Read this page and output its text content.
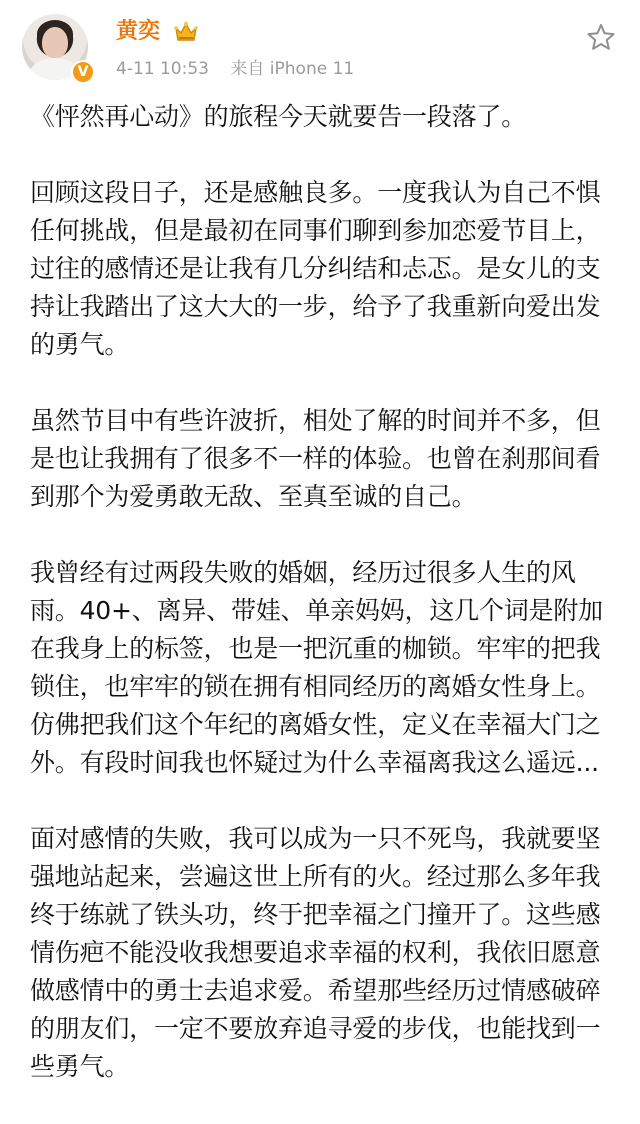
V
黄奕
4-11 10:53 来自 iPhone 11

《怦然再心动》的旅程今天就要告一段落了。

回顾这段日子，还是感触良多。一度我认为自己不惧任何挑战，但是最初在同事们聊到参加恋爱节目上，过往的感情还是让我有几分纠结和忐忑。是女儿的支持让我踏出了这大大的一步，给予了我重新向爱出发的勇气。

虽然节目中有些许波折，相处了解的时间并不多，但是也让我拥有了很多不一样的体验。也曾在刹那间看到那个为爱勇敢无敌、至真至诚的自己。

我曾经有过两段失败的婚姻，经历过很多人生的风雨。40+、离异、带娃、单亲妈妈，这几个词是附加在我身上的标签，也是一把沉重的枷锁。牢牢的把我锁住，也牢牢的锁在拥有相同经历的离婚女性身上。仿佛把我们这个年纪的离婚女性，定义在幸福大门之外。有段时间我也怀疑过为什么幸福离我这么遥远...

面对感情的失败，我可以成为一只不死鸟，我就要坚强地站起来，尝遍这世上所有的火。经过那么多年我终于练就了铁头功，终于把幸福之门撞开了。这些感情伤疤不能没收我想要追求幸福的权利，我依旧愿意做感情中的勇士去追求爱。希望那些经历过情感破碎的朋友们，一定不要放弃追寻爱的步伐，也能找到一些勇气。
